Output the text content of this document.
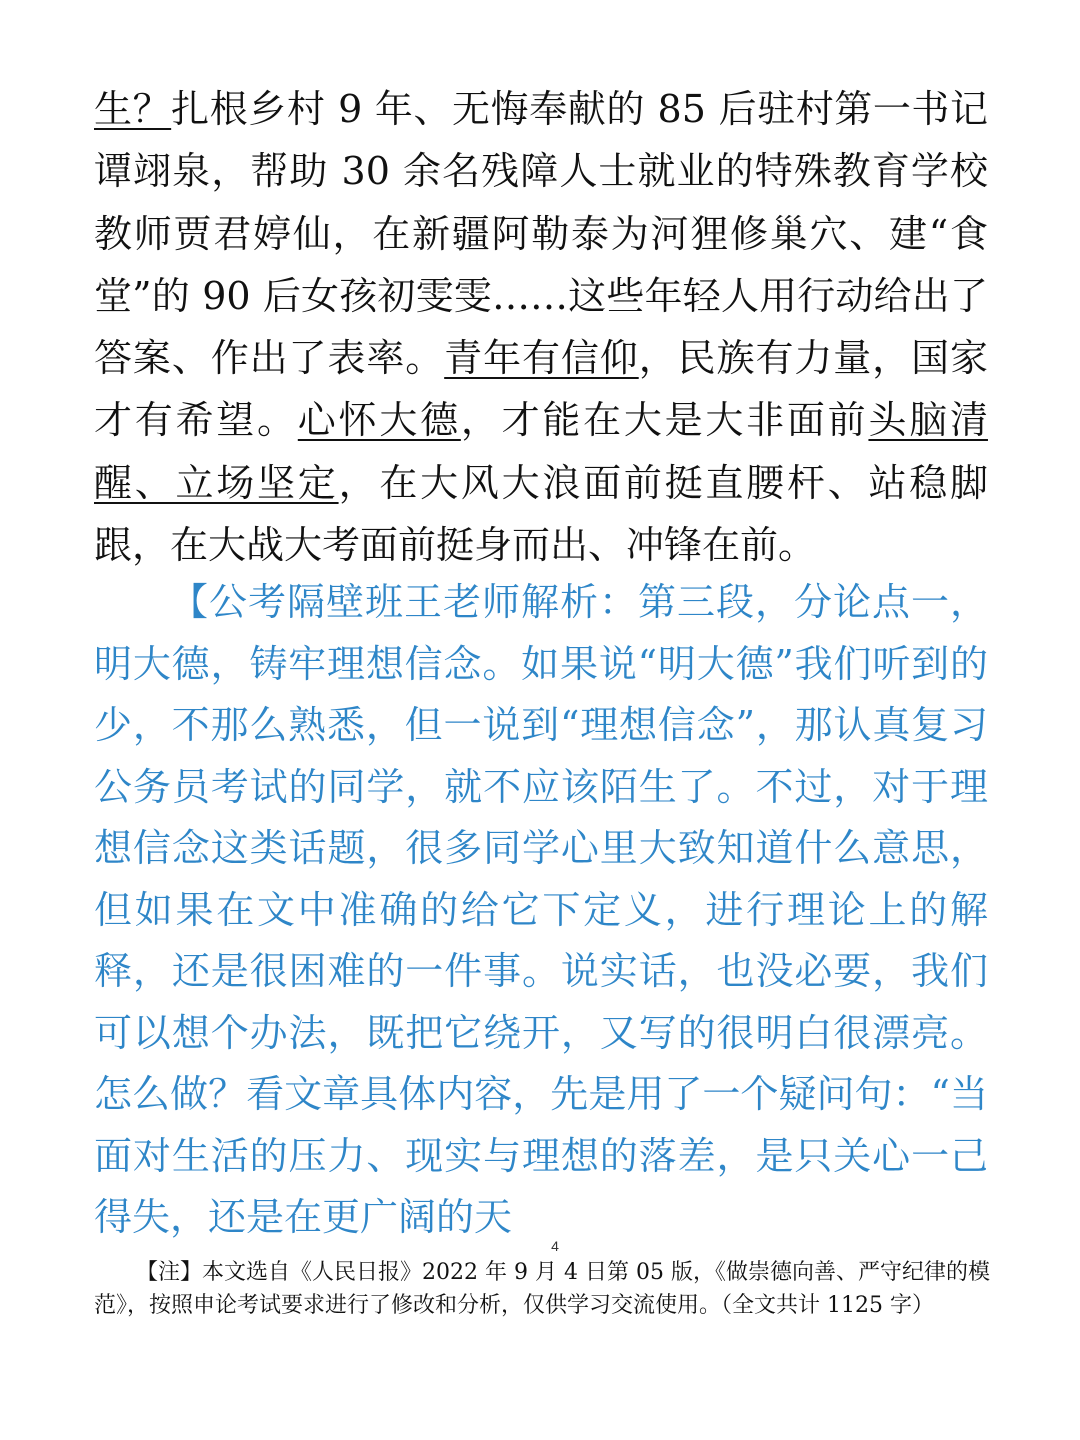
生？扎根乡村 9 年、无悔奉献的 85 后驻村第一书记谭翊泉，帮助 30 余名残障人士就业的特殊教育学校教师贾君婷仙，在新疆阿勒泰为河狸修巢穴、建“食堂”的 90 后女孩初雯雯……这些年轻人用行动给出了答案、作出了表率。青年有信仰，民族有力量，国家才有希望。心怀大德，才能在大是大非面前头脑清醒、立场坚定，在大风大浪面前挺直腰杆、站稳脚跟，在大战大考面前挺身而出、冲锋在前。

【公考隔壁班王老师解析：第三段，分论点一，明大德，铸牢理想信念。如果说“明大德”我们听到的少，不那么熟悉，但一说到“理想信念”，那认真复习公务员考试的同学，就不应该陌生了。不过，对于理想信念这类话题，很多同学心里大致知道什么意思，但如果在文中准确的给它下定义，进行理论上的解释，还是很困难的一件事。说实话，也没必要，我们可以想个办法，既把它绕开，又写的很明白很漂亮。怎么做？看文章具体内容，先是用了一个疑问句：“当面对生活的压力、现实与理想的落差，是只关心一己得失，还是在更广阔的天

4

【注】本文选自《人民日报》2022 年 9 月 4 日第 05 版，《做崇德向善、严守纪律的模范》，按照申论考试要求进行了修改和分析，仅供学习交流使用。（全文共计 1125 字）
